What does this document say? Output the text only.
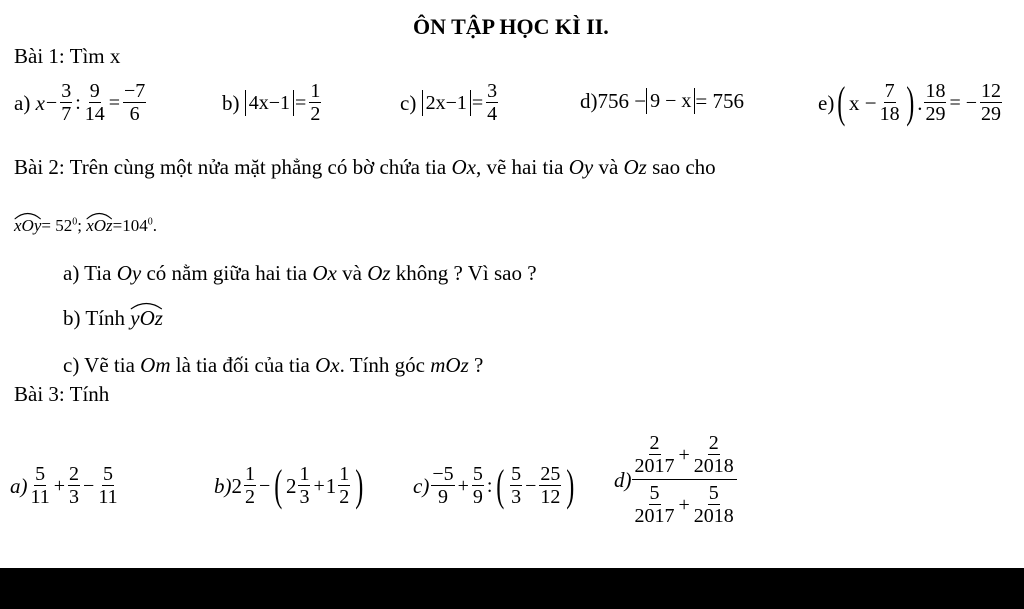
ÔN TẬP HỌC KÌ II.
Bài 1: Tìm x
a)
$x - \frac{3}{7}$ : $\frac{9}{14} = \frac{-7}{6}$	b)
$4x-1 = \frac{1}{2}$	c)
$2x-1 = \frac{3}{4}$	d) 756 − 9 − x = 756	e) ( $x - \frac{7}{18}$ ) . $\frac{18}{29}$ = − $\frac{12}{29}$
Bài 2: Trên cùng một nửa mặt phẳng có bờ chứa tia Ox, vẽ hai tia Oy và Oz sao cho
$xOy= 52^0$; $xOz=104^0$.
a) Tia Oy có nằm giữa hai tia Ox và Oz không ? Vì sao ?
b) Tính yOz
c) Vẽ tia Om là tia đối của tia Ox. Tính góc mOz ?
Bài 3: Tính
$a) \frac{5}{11} + \frac{2}{3} - \frac{5}{11}$	b) $2 \frac{1}{2}$ − ( $2 \frac{1}{3} + 1 \frac{1}{2}$ ) $c) \frac{-5}{9} + \frac{5}{9}$ : ( $\frac{5}{3} - \frac{25}{12}$ ) $d) \frac{\frac{2}{2017} + \frac{2}{2018}}{\frac{5}{2017} + \frac{5}{2018}}$
